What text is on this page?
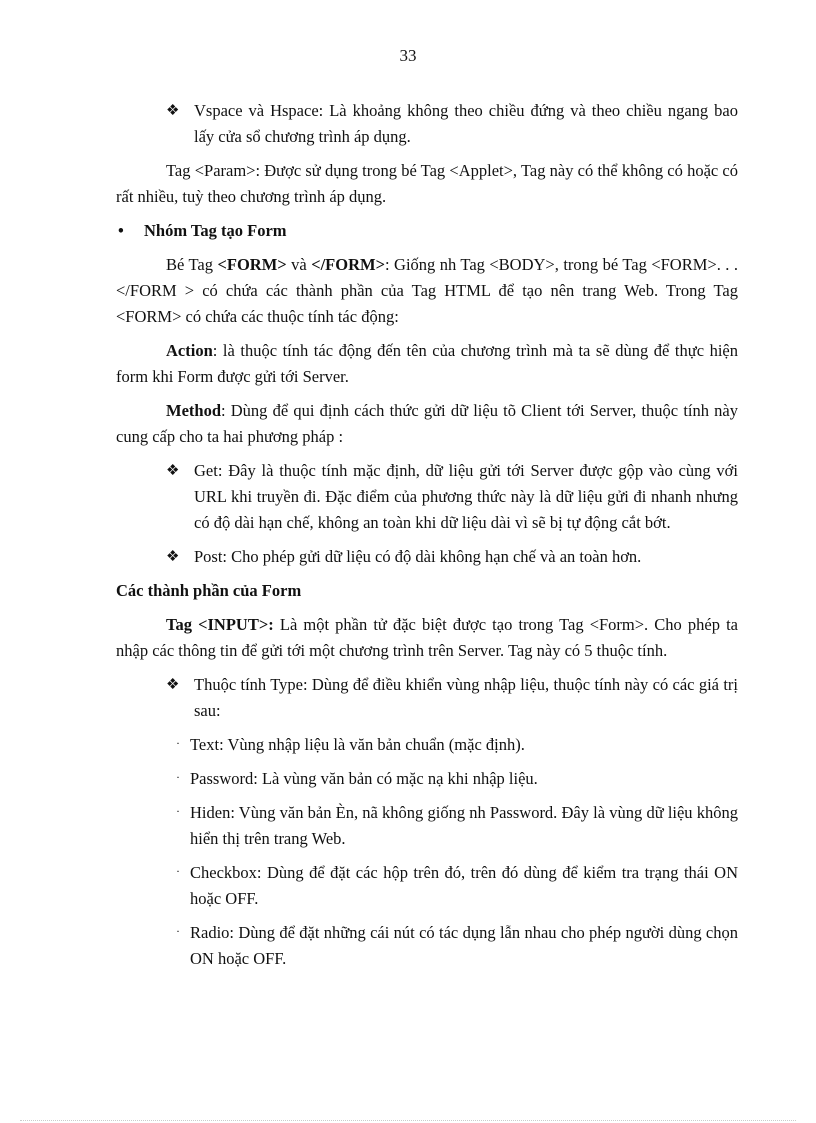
33
❖ Vspace và Hspace: Là khoảng không theo chiều đứng và theo chiều ngang bao lấy cửa sổ chương trình áp dụng.

Tag <Param>: Được sử dụng trong bé Tag <Applet>, Tag này có thể không có hoặc có rất nhiều, tuỳ theo chương trình áp dụng.

•	Nhóm Tag tạo Form

Bé Tag <FORM> và </FORM>: Giống nh Tag <BODY>, trong bé Tag <FORM>. . . </FORM > có chứa các thành phần của Tag HTML để tạo nên trang Web. Trong Tag <FORM> có chứa các thuộc tính tác động:

Action: là thuộc tính tác động đến tên của chương trình mà ta sẽ dùng để thực hiện form khi Form được gửi tới Server.

Method: Dùng để qui định cách thức gửi dữ liệu tõ Client tới Server, thuộc tính này cung cấp cho ta hai phương pháp :

❖ Get: Đây là thuộc tính mặc định, dữ liệu gửi tới Server được gộp vào cùng với URL khi truyền đi. Đặc điểm của phương thức này là dữ liệu gửi đi nhanh nhưng có độ dài hạn chế, không an toàn khi dữ liệu dài vì sẽ bị tự động cắt bớt.
❖ Post: Cho phép gửi dữ liệu có độ dài không hạn chế và an toàn hơn.
Các thành phần của Form

Tag <INPUT>: Là một phần tử đặc biệt được tạo trong Tag <Form>. Cho phép ta nhập các thông tin để gửi tới một chương trình trên Server. Tag này có 5 thuộc tính.

❖ Thuộc tính Type: Dùng để điều khiển vùng nhập liệu, thuộc tính này có các giá trị sau:
· Text: Vùng nhập liệu là văn bản chuẩn (mặc định).
· Password: Là vùng văn bản có mặc nạ khi nhập liệu.
· Hiden: Vùng văn bản Èn, nã không giống nh Password. Đây là vùng dữ liệu không hiển thị trên trang Web.
· Checkbox: Dùng để đặt các hộp trên đó, trên đó dùng để kiểm tra trạng thái ON hoặc OFF.
· Radio: Dùng để đặt những cái nút có tác dụng lẫn nhau cho phép người dùng chọn ON hoặc OFF.
